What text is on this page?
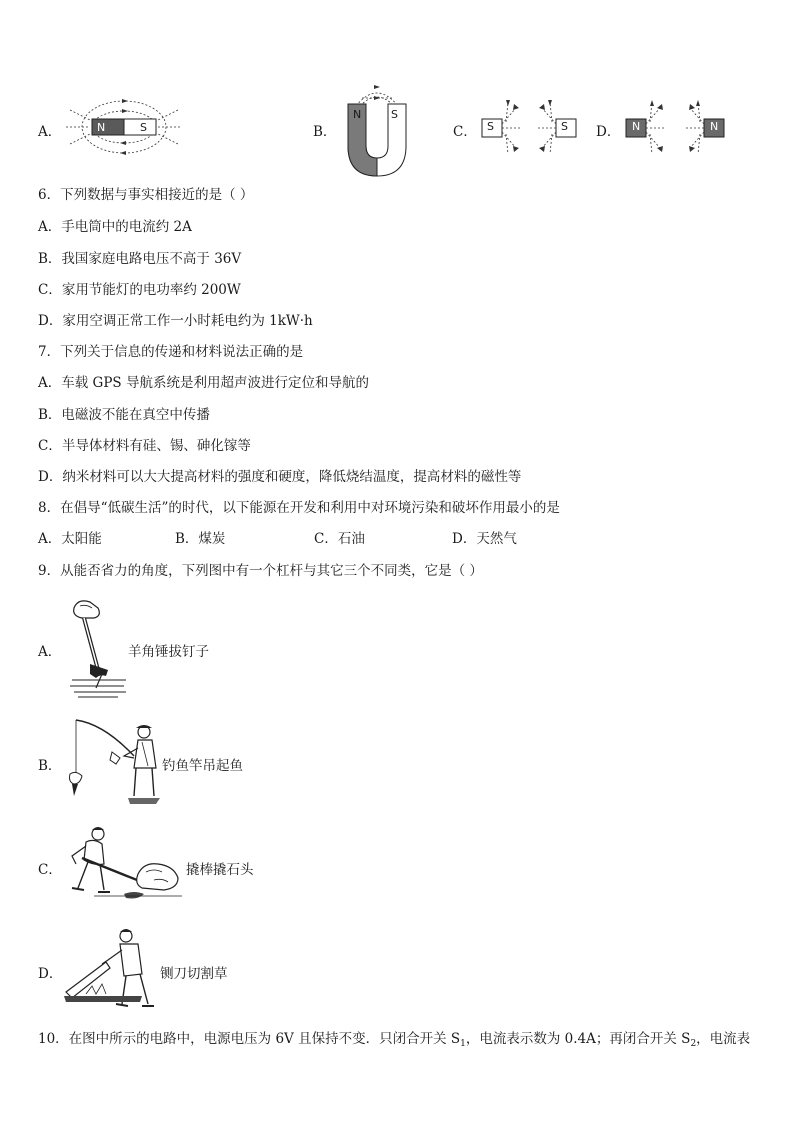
A．	N	S	B．
N	S
C． S	S D． N	N
6．下列数据与事实相接近的是（ ）
A．手电筒中的电流约 2A
B．我国家庭电路电压不高于 36V
C．家用节能灯的电功率约 200W
D．家用空调正常工作一小时耗电约为 1kW·h
7．下列关于信息的传递和材料说法正确的是
A．车载 GPS 导航系统是利用超声波进行定位和导航的
B．电磁波不能在真空中传播
C．半导体材料有硅、锡、砷化镓等
D．纳米材料可以大大提高材料的强度和硬度，降低烧结温度，提高材料的磁性等
8．在倡导“低碳生活”的时代，以下能源在开发和利用中对环境污染和破坏作用最小的是
A．太阳能	B．煤炭	C．石油	D．天然气
9．从能否省力的角度，下列图中有一个杠杆与其它三个不同类，它是（ ）
A．	羊角锤拔钉子
B．	钓鱼竿吊起鱼
C．	撬棒撬石头
D．	铡刀切割草
10．在图中所示的电路中，电源电压为 6V 且保持不变．只闭合开关 $S_1$，电流表示数为 0.4A；再闭合开关 $S_2$，电流表
